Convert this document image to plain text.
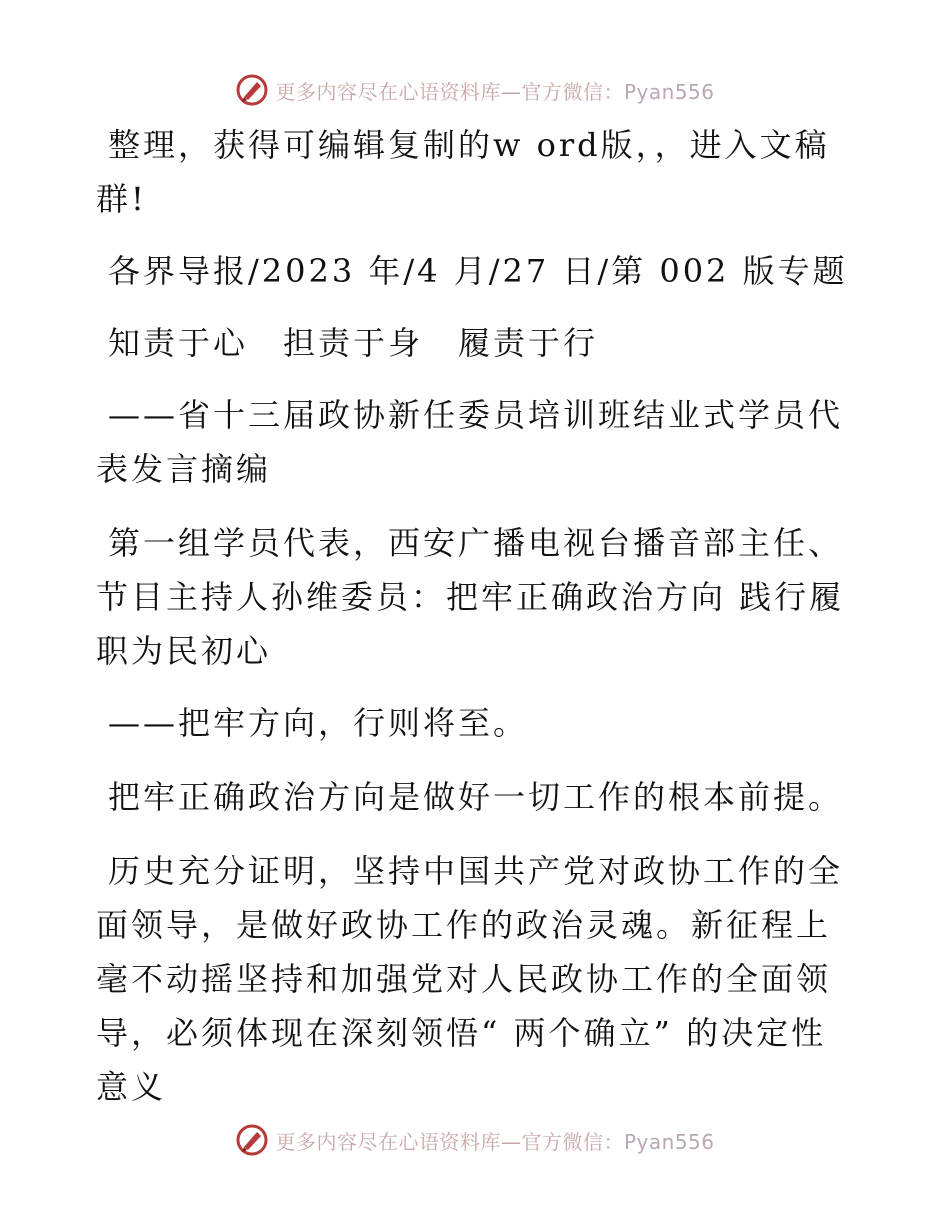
更多内容尽在心语资料库—官方微信：Pyan556

整理，获得可编辑复制的w ord版，，进入文稿群!

各界导报/2023 年/4 月/27 日/第 002 版专题

知责于心　担责于身　履责于行

——省十三届政协新任委员培训班结业式学员代表发言摘编

第一组学员代表，西安广播电视台播音部主任、节目主持人孙维委员：把牢正确政治方向 践行履职为民初心

——把牢方向，行则将至。

把牢正确政治方向是做好一切工作的根本前提。

历史充分证明，坚持中国共产党对政协工作的全面领导，是做好政协工作的政治灵魂。新征程上毫不动摇坚持和加强党对人民政协工作的全面领导，必须体现在深刻领悟“ 两个确立” 的决定性意义

更多内容尽在心语资料库—官方微信：Pyan556
